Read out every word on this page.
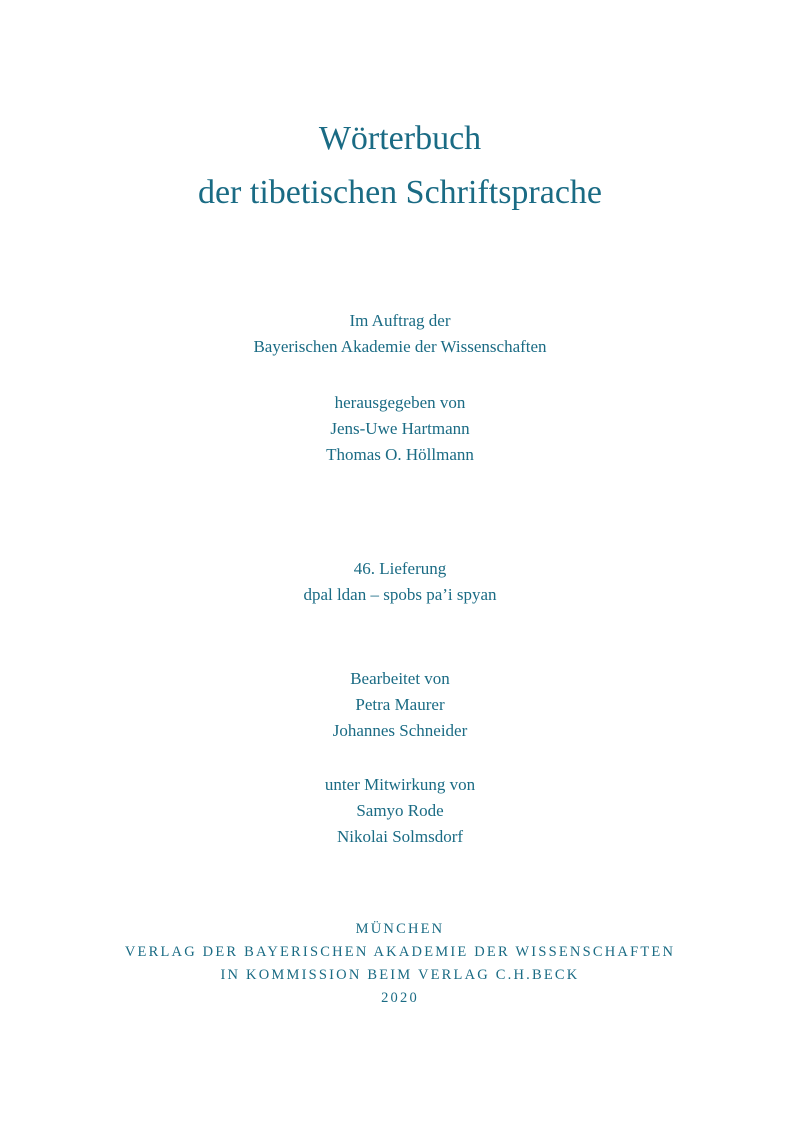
Wörterbuch
der tibetischen Schriftsprache
Im Auftrag der
Bayerischen Akademie der Wissenschaften
herausgegeben von
Jens-Uwe Hartmann
Thomas O. Höllmann
46. Lieferung
dpal ldan – spobs pa’i spyan
Bearbeitet von
Petra Maurer
Johannes Schneider
unter Mitwirkung von
Samyo Rode
Nikolai Solmsdorf
MÜNCHEN
VERLAG DER BAYERISCHEN AKADEMIE DER WISSENSCHAFTEN
IN KOMMISSION BEIM VERLAG C.H.BECK
2020
